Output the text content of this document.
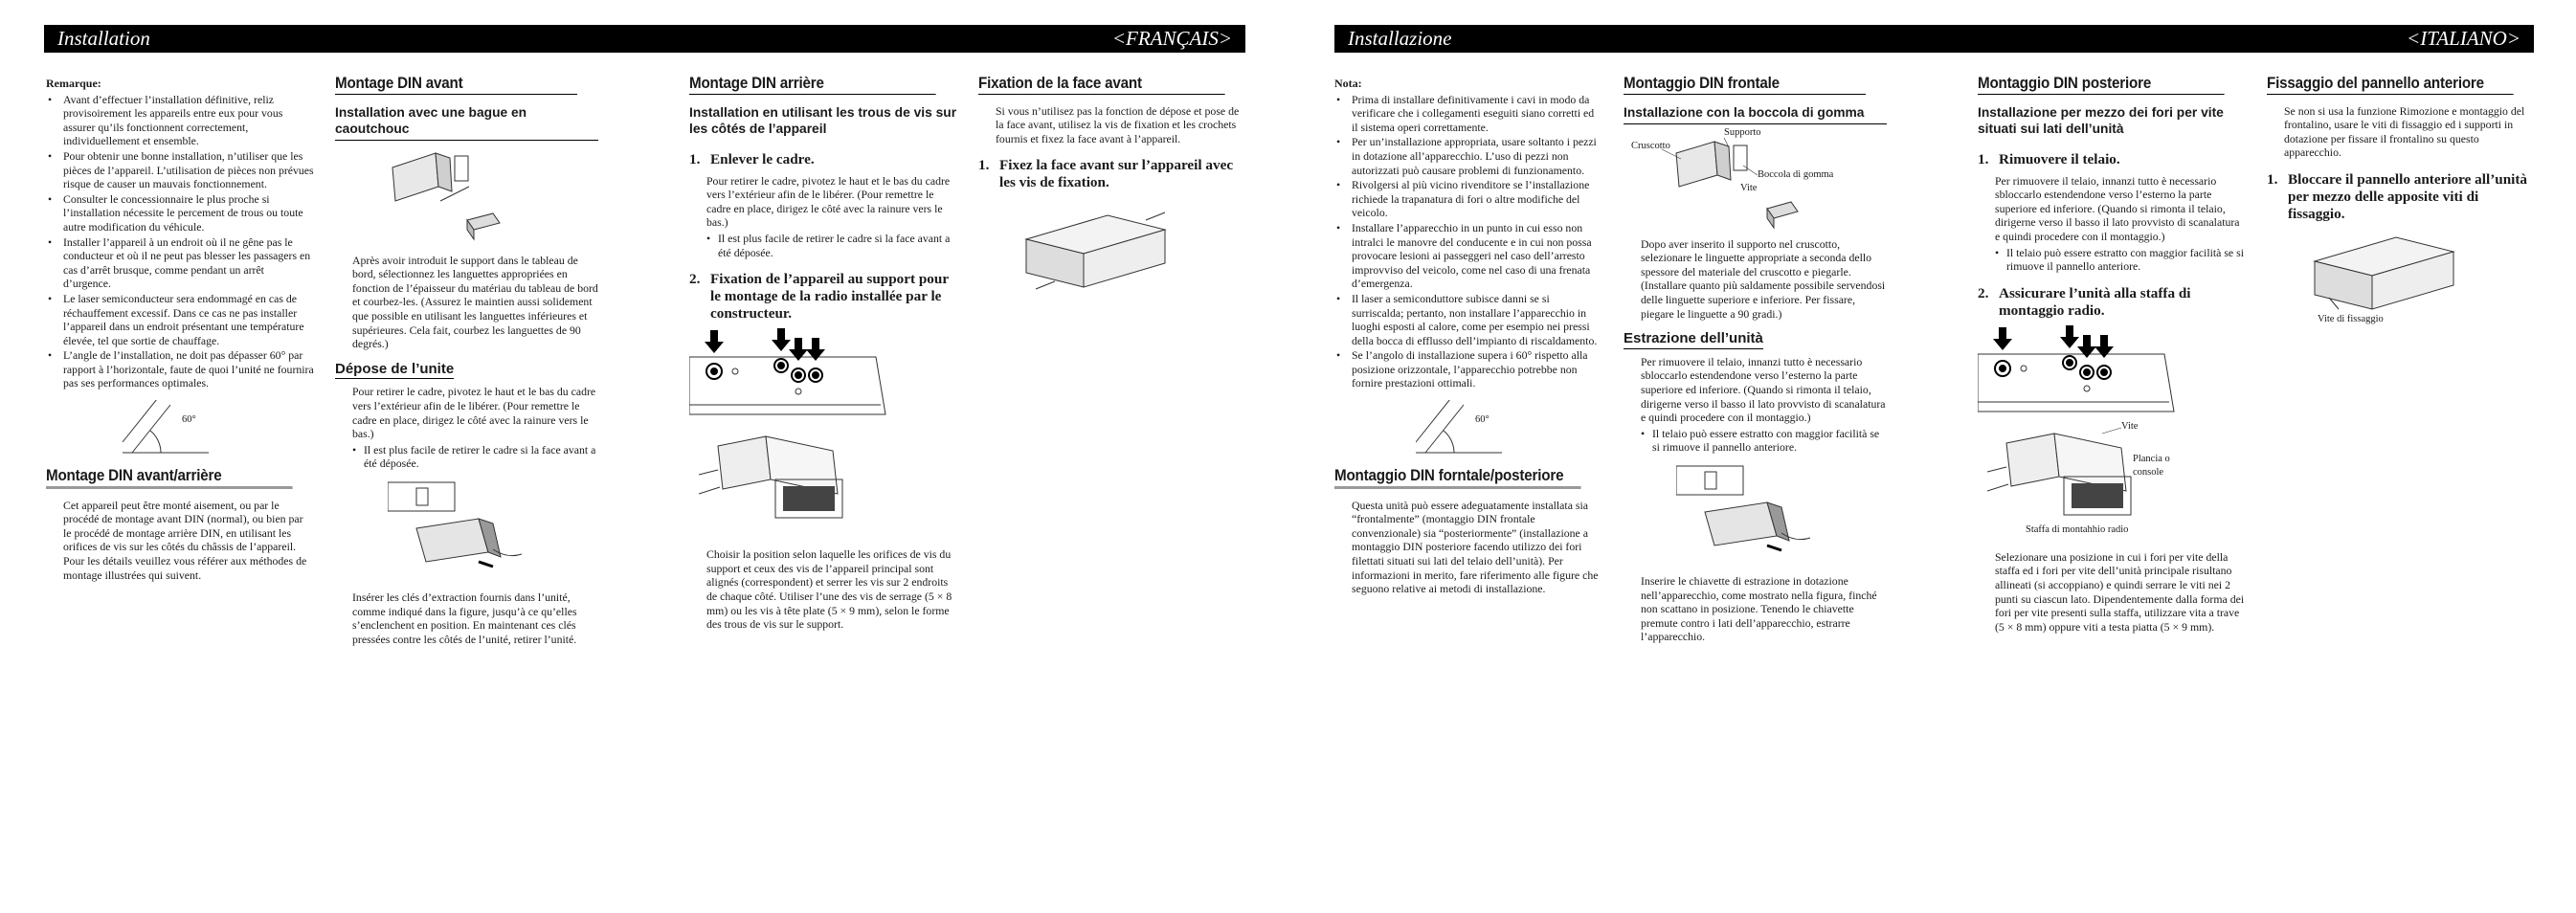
Installation	<FRANÇAIS>
Remarque:
• Avant d’effectuer l’installation définitive, reliz provisoirement les appareils entre eux pour vous assurer qu’ils fonctionnent correctement, individuellement et ensemble.
• Pour obtenir une bonne installation, n’utiliser que les pièces de l’appareil. L’utilisation de pièces non prévues risque de causer un mauvais fonctionnement.
• Consulter le concessionnaire le plus proche si l’installation nécessite le percement de trous ou toute autre modification du véhicule.
• Installer l’appareil à un endroit où il ne gêne pas le conducteur et où il ne peut pas blesser les passagers en cas d’arrêt brusque, comme pendant un arrêt d’urgence.
• Le laser semiconducteur sera endommagé en cas de réchauffement excessif. Dans ce cas ne pas installer l’appareil dans un endroit présentant une température élevée, tel que sortie de chauffage.
• L’angle de l’installation, ne doit pas dépasser 60° par rapport à l’horizontale, faute de quoi l’unité ne fournira pas ses performances optimales.
60°
Montage DIN avant/arrière

Cet appareil peut être monté aisement, ou par le procédé de montage avant DIN (normal), ou bien par le procédé de montage arrière DIN, en utilisant les orifices de vis sur les côtés du châssis de l’appareil. Pour les détails veuillez vous référer aux méthodes de montage illustrées qui suivent.

Montage DIN avant
Installation avec une bague en caoutchouc

Après avoir introduit le support dans le tableau de bord, sélectionnez les languettes appropriées en fonction de l’épaisseur du matériau du tableau de bord et courbez-les. (Assurez le maintien aussi solidement que possible en utilisant les languettes inférieures et supérieures. Cela fait, courbez les languettes de 90 degrés.)

Dépose de l’unite

Pour retirer le cadre, pivotez le haut et le bas du cadre vers l’extérieur afin de le libérer. (Pour remettre le cadre en place, dirigez le côté avec la rainure vers le bas.)

• Il est plus facile de retirer le cadre si la face avant a été déposée.

Insérer les clés d’extraction fournis dans l’unité, comme indiqué dans la figure, jusqu’à ce qu’elles s’enclenchent en position. En maintenant ces clés pressées contre les côtés de l’unité, retirer l’unité.

Montage DIN arrière
Installation en utilisant les trous de vis sur les côtés de l’appareil
1. Enlever le cadre.

Pour retirer le cadre, pivotez le haut et le bas du cadre vers l’extérieur afin de le libérer. (Pour remettre le cadre en place, dirigez le côté avec la rainure vers le bas.)

• Il est plus facile de retirer le cadre si la face avant a été déposée.
2. Fixation de l’appareil au support pour le montage de la radio installée par le constructeur.

Choisir la position selon laquelle les orifices de vis du support et ceux des vis de l’appareil principal sont alignés (correspondent) et serrer les vis sur 2 endroits de chaque côté. Utiliser l’une des vis de serrage (5 × 8 mm) ou les vis à tête plate (5 × 9 mm), selon le forme des trous de vis sur le support.

Fixation de la face avant

Si vous n’utilisez pas la fonction de dépose et pose de la face avant, utilisez la vis de fixation et les crochets fournis et fixez la face avant à l’appareil.

1. Fixez la face avant sur l’appareil avec les vis de fixation.
Installazione	<ITALIANO>
Nota:
• Prima di installare definitivamente i cavi in modo da verificare che i collegamenti eseguiti siano corretti ed il sistema operi correttamente.
• Per un’installazione appropriata, usare soltanto i pezzi in dotazione all’apparecchio. L’uso di pezzi non autorizzati può causare problemi di funzionamento.
• Rivolgersi al più vicino rivenditore se l’installazione richiede la trapanatura di fori o altre modifiche del veicolo.
• Installare l’apparecchio in un punto in cui esso non intralci le manovre del conducente e in cui non possa provocare lesioni ai passeggeri nel caso dell’arresto improvviso del veicolo, come nel caso di una frenata d’emergenza.
• Il laser a semiconduttore subisce danni se si surriscalda; pertanto, non installare l’apparecchio in luoghi esposti al calore, come per esempio nei pressi della bocca di efflusso dell’impianto di riscaldamento.
• Se l’angolo di installazione supera i 60° rispetto alla posizione orizzontale, l’apparecchio potrebbe non fornire prestazioni ottimali.
60°
Montaggio DIN forntale/posteriore

Questa unità può essere adeguatamente installata sia “frontalmente” (montaggio DIN frontale convenzionale) sia “posteriormente” (installazione a montaggio DIN posteriore facendo utilizzo dei fori filettati situati sui lati del telaio dell’unità). Per informazioni in merito, fare riferimento alle figure che seguono relative ai metodi di installazione.

Montaggio DIN frontale
Installazione con la boccola di gomma
Cruscotto
Supporto
Boccola di gomma
Vite

Dopo aver inserito il supporto nel cruscotto, selezionare le linguette appropriate a seconda dello spessore del materiale del cruscotto e piegarle. (Installare quanto più saldamente possibile servendosi delle linguette superiore e inferiore. Per fissare, piegare le linguette a 90 gradi.)

Estrazione dell’unità

Per rimuovere il telaio, innanzi tutto è necessario sbloccarlo estendendone verso l’esterno la parte superiore ed inferiore. (Quando si rimonta il telaio, dirigerne verso il basso il lato provvisto di scanalatura e quindi procedere con il montaggio.)

• Il telaio può essere estratto con maggior facilità se si rimuove il pannello anteriore.

Inserire le chiavette di estrazione in dotazione nell’apparecchio, come mostrato nella figura, finché non scattano in posizione. Tenendo le chiavette premute contro i lati dell’apparecchio, estrarre l’apparecchio.

Montaggio DIN posteriore
Installazione per mezzo dei fori per vite situati sui lati dell’unità
1. Rimuovere il telaio.

Per rimuovere il telaio, innanzi tutto è necessario sbloccarlo estendendone verso l’esterno la parte superiore ed inferiore. (Quando si rimonta il telaio, dirigerne verso il basso il lato provvisto di scanalatura e quindi procedere con il montaggio.)

• Il telaio può essere estratto con maggior facilità se si rimuove il pannello anteriore.
2. Assicurare l’unità alla staffa di montaggio radio.
Vite
Plancia o console
Staffa di montahhio radio

Selezionare una posizione in cui i fori per vite della staffa ed i fori per vite dell’unità principale risultano allineati (si accoppiano) e quindi serrare le viti nei 2 punti su ciascun lato. Dipendentemente dalla forma dei fori per vite presenti sulla staffa, utilizzare vita a trave (5 × 8 mm) oppure viti a testa piatta (5 × 9 mm).

Fissaggio del pannello anteriore

Se non si usa la funzione Rimozione e montaggio del frontalino, usare le viti di fissaggio ed i supporti in dotazione per fissare il frontalino su questo apparecchio.

1. Bloccare il pannello anteriore all’unità per mezzo delle apposite viti di fissaggio.
Vite di fissaggio
